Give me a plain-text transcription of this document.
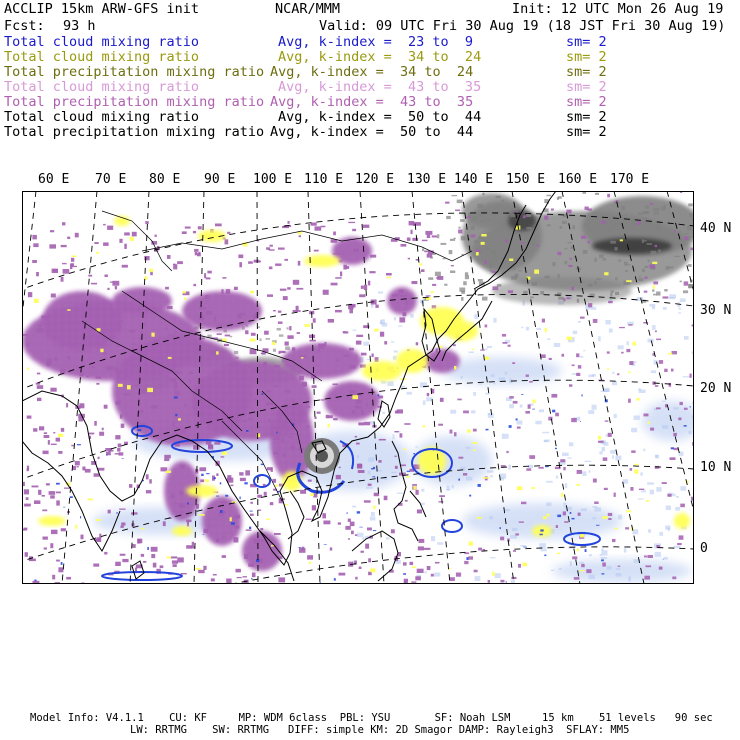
ACCLIP 15km ARW-GFS init	NCAR/MMM	Init: 12 UTC Mon 26 Aug 19
Fcst: 93 h	Valid: 09 UTC Fri 30 Aug 19 (18 JST Fri 30 Aug 19)
Total cloud mixing ratio	Avg, k-index =  23 to  9	sm= 2
Total cloud mixing ratio	Avg, k-index =  34 to  24	sm= 2
Total precipitation mixing ratio Avg, k-index =  34 to  24	sm= 2
Total cloud mixing ratio	Avg, k-index =  43 to  35	sm= 2
Total precipitation mixing ratio Avg, k-index =  43 to  35	sm= 2
Total cloud mixing ratio	Avg, k-index =  50 to  44	sm= 2
Total precipitation mixing ratio Avg, k-index =  50 to  44	sm= 2
60 E 70 E 80 E 90 E 100 E 110 E 120 E 130 E 140 E 150 E 160 E 170 E
40 N
30 N
20 N
10 N
0
Model Info: V4.1.1    CU: KF     MP: WDM 6class  PBL: YSU       SF: Noah LSM     15 km    51 levels   90 sec
LW: RRTMG    SW: RRTMG   DIFF: simple KM: 2D Smagor DAMP: Rayleigh3  SFLAY: MM5
